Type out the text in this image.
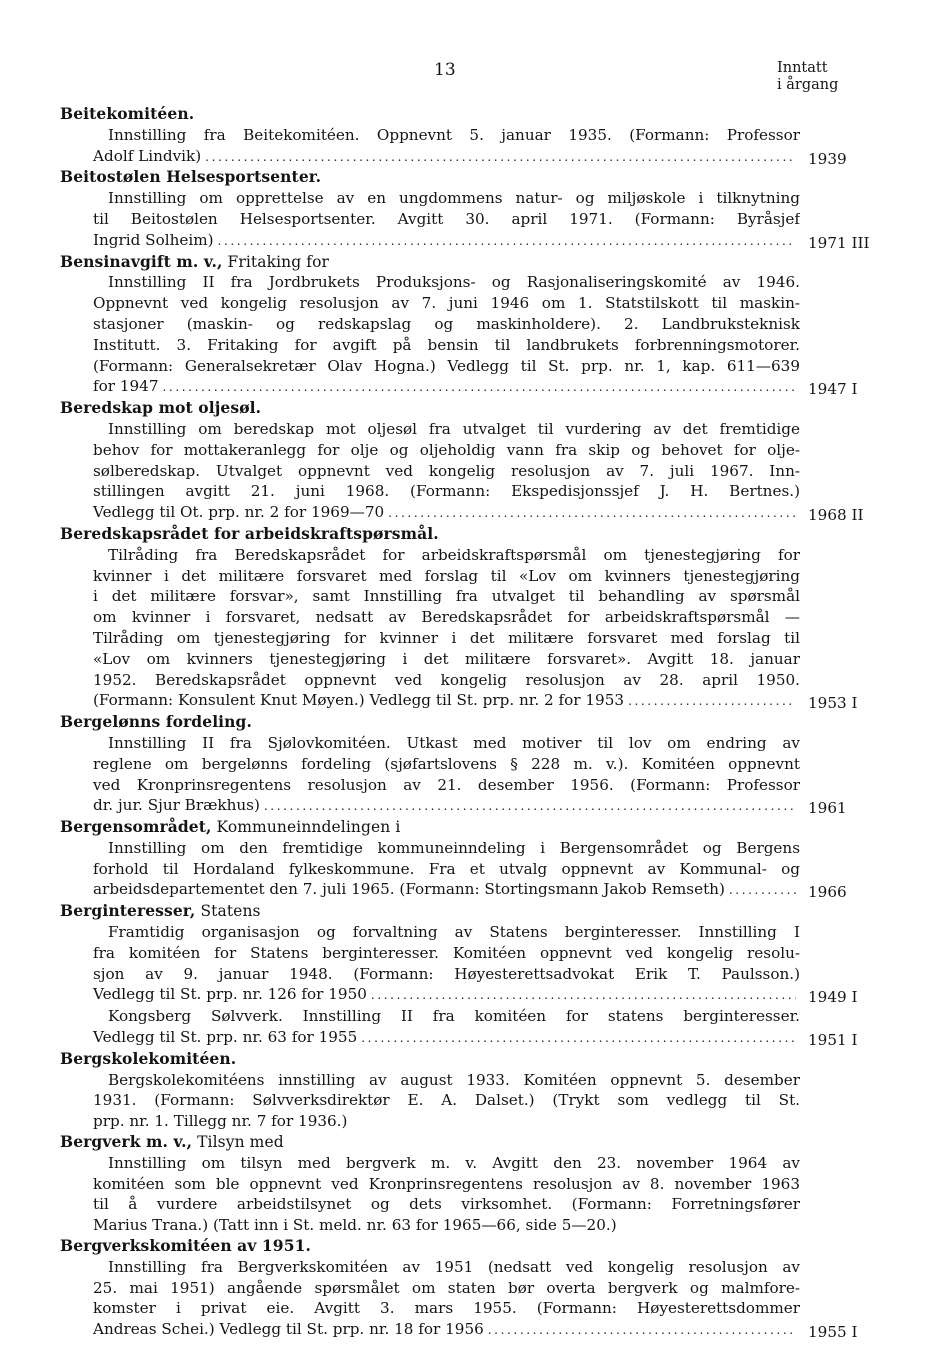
13	Inntatt
i årgang
Beitekomitéen.
Innstilling fra Beitekomitéen. Oppnevnt 5. januar 1935. (Formann: Professor
Adolf Lindvik) .....	1939
Beitostølen Helsesportsenter.
Innstilling om opprettelse av en ungdommens natur- og miljøskole i tilknytning
til Beitostølen Helsesportsenter. Avgitt 30. april 1971. (Formann: Byråsjef
Ingrid Solheim) .....	1971 III
Bensinavgift m. v., Fritaking for
Innstilling II fra Jordbrukets Produksjons- og Rasjonaliseringskomité av 1946.
Oppnevnt ved kongelig resolusjon av 7. juni 1946 om 1. Statstilskott til maskin-
stasjoner (maskin- og redskapslag og maskinholdere). 2. Landbruksteknisk
Institutt. 3. Fritaking for avgift på bensin til landbrukets forbrenningsmotorer.
(Formann: Generalsekretær Olav Hogna.) Vedlegg til St. prp. nr. 1, kap. 611—639
for 1947 .....	1947 I
Beredskap mot oljesøl.
Innstilling om beredskap mot oljesøl fra utvalget til vurdering av det fremtidige
behov for mottakeranlegg for olje og oljeholdig vann fra skip og behovet for olje-
sølberedskap. Utvalget oppnevnt ved kongelig resolusjon av 7. juli 1967. Inn-
stillingen avgitt 21. juni 1968. (Formann: Ekspedisjonssjef J. H. Bertnes.)
Vedlegg til Ot. prp. nr. 2 for 1969—70 .....	1968 II
Beredskapsrådet for arbeidskraftspørsmål.
Tilråding fra Beredskapsrådet for arbeidskraftspørsmål om tjenestegjøring for
kvinner i det militære forsvaret med forslag til «Lov om kvinners tjenestegjøring
i det militære forsvar», samt Innstilling fra utvalget til behandling av spørsmål
om kvinner i forsvaret, nedsatt av Beredskapsrådet for arbeidskraftspørsmål —
Tilråding om tjenestegjøring for kvinner i det militære forsvaret med forslag til
«Lov om kvinners tjenestegjøring i det militære forsvaret». Avgitt 18. januar
1952. Beredskapsrådet oppnevnt ved kongelig resolusjon av 28. april 1950.
(Formann: Konsulent Knut Møyen.) Vedlegg til St. prp. nr. 2 for 1953 .....	1953 I
Bergelønns fordeling.
Innstilling II fra Sjølovkomitéen. Utkast med motiver til lov om endring av
reglene om bergelønns fordeling (sjøfartslovens § 228 m. v.). Komitéen oppnevnt
ved Kronprinsregentens resolusjon av 21. desember 1956. (Formann: Professor
dr. jur. Sjur Brækhus) .....	1961
Bergensområdet, Kommuneinndelingen i
Innstilling om den fremtidige kommuneinndeling i Bergensområdet og Bergens
forhold til Hordaland fylkeskommune. Fra et utvalg oppnevnt av Kommunal- og
arbeidsdepartementet den 7. juli 1965. (Formann: Stortingsmann Jakob Remseth) .....	1966
Berginteresser, Statens
Framtidig organisasjon og forvaltning av Statens berginteresser. Innstilling I
fra komitéen for Statens berginteresser. Komitéen oppnevnt ved kongelig resolu-
sjon av 9. januar 1948. (Formann: Høyesterettsadvokat Erik T. Paulsson.)
Vedlegg til St. prp. nr. 126 for 1950 .....	1949 I
Kongsberg Sølvverk. Innstilling II fra komitéen for statens berginteresser.
Vedlegg til St. prp. nr. 63 for 1955 .....	1951 I
Bergskolekomitéen.
Bergskolekomitéens innstilling av august 1933. Komitéen oppnevnt 5. desember
1931. (Formann: Sølvverksdirektør E. A. Dalset.) (Trykt som vedlegg til St.
prp. nr. 1. Tillegg nr. 7 for 1936.)
Bergverk m. v., Tilsyn med
Innstilling om tilsyn med bergverk m. v. Avgitt den 23. november 1964 av
komitéen som ble oppnevnt ved Kronprinsregentens resolusjon av 8. november 1963
til å vurdere arbeidstilsynet og dets virksomhet. (Formann: Forretningsfører
Marius Trana.) (Tatt inn i St. meld. nr. 63 for 1965—66, side 5—20.)
Bergverkskomitéen av 1951.
Innstilling fra Bergverkskomitéen av 1951 (nedsatt ved kongelig resolusjon av
25. mai 1951) angående spørsmålet om staten bør overta bergverk og malmfore-
komster i privat eie. Avgitt 3. mars 1955. (Formann: Høyesterettsdommer
Andreas Schei.) Vedlegg til St. prp. nr. 18 for 1956 .....	1955 I
